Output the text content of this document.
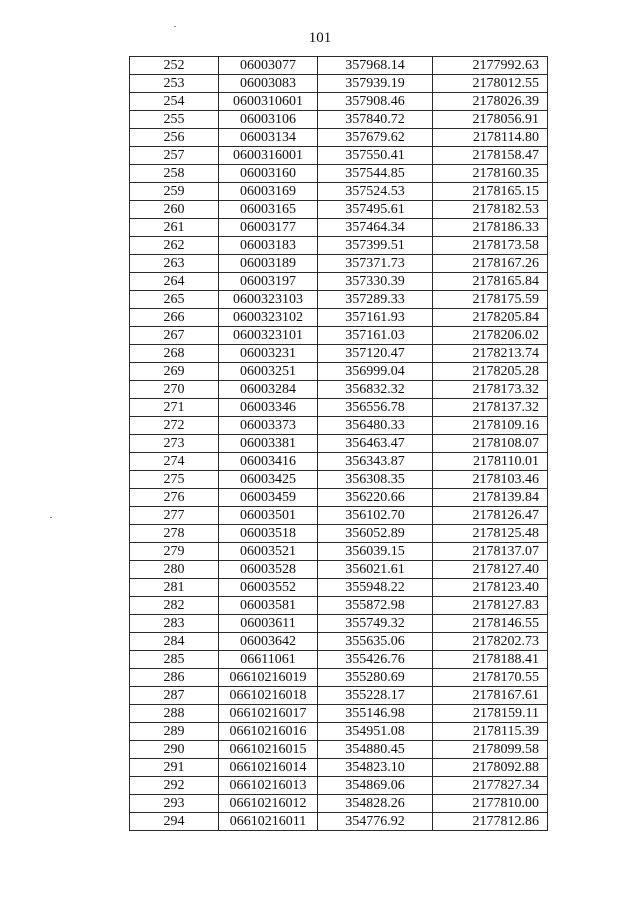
101
252	06003077	357968.14	2177992.63
253	06003083	357939.19	2178012.55
254	0600310601	357908.46	2178026.39
255	06003106	357840.72	2178056.91
256	06003134	357679.62	2178114.80
257	0600316001	357550.41	2178158.47
258	06003160	357544.85	2178160.35
259	06003169	357524.53	2178165.15
260	06003165	357495.61	2178182.53
261	06003177	357464.34	2178186.33
262	06003183	357399.51	2178173.58
263	06003189	357371.73	2178167.26
264	06003197	357330.39	2178165.84
265	0600323103	357289.33	2178175.59
266	0600323102	357161.93	2178205.84
267	0600323101	357161.03	2178206.02
268	06003231	357120.47	2178213.74
269	06003251	356999.04	2178205.28
270	06003284	356832.32	2178173.32
271	06003346	356556.78	2178137.32
272	06003373	356480.33	2178109.16
273	06003381	356463.47	2178108.07
274	06003416	356343.87	2178110.01
275	06003425	356308.35	2178103.46
276	06003459	356220.66	2178139.84
277	06003501	356102.70	2178126.47
278	06003518	356052.89	2178125.48
279	06003521	356039.15	2178137.07
280	06003528	356021.61	2178127.40
281	06003552	355948.22	2178123.40
282	06003581	355872.98	2178127.83
283	06003611	355749.32	2178146.55
284	06003642	355635.06	2178202.73
285	06611061	355426.76	2178188.41
286	06610216019	355280.69	2178170.55
287	06610216018	355228.17	2178167.61
288	06610216017	355146.98	2178159.11
289	06610216016	354951.08	2178115.39
290	06610216015	354880.45	2178099.58
291	06610216014	354823.10	2178092.88
292	06610216013	354869.06	2177827.34
293	06610216012	354828.26	2177810.00
294	06610216011	354776.92	2177812.86
